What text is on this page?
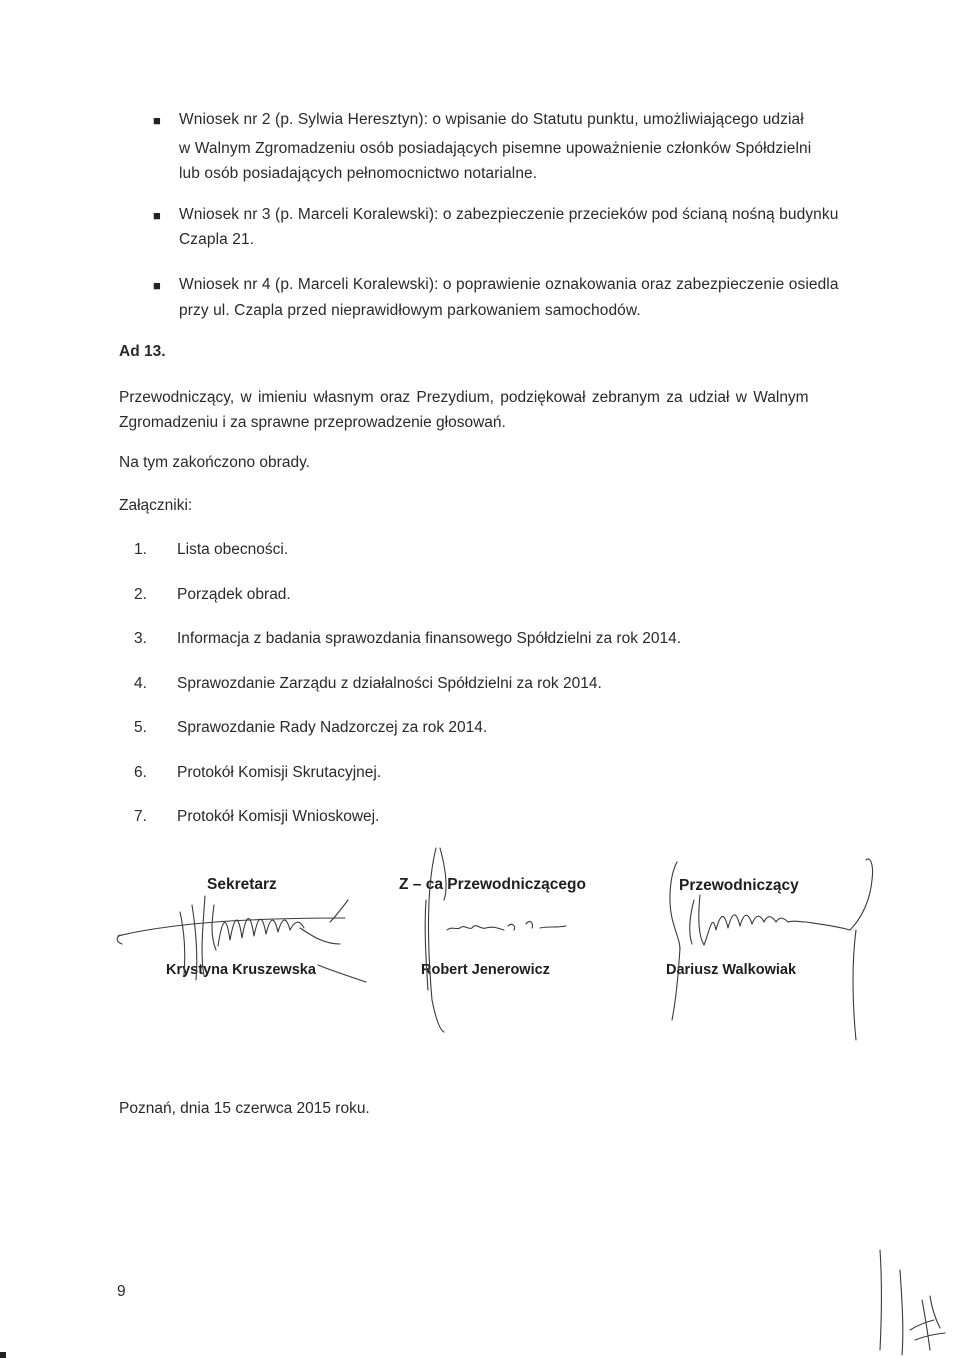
■ Wniosek nr 2 (p. Sylwia Heresztyn): o wpisanie do Statutu punktu, umożliwiającego udział
w Walnym Zgromadzeniu osób posiadających pisemne upoważnienie członków Spółdzielni
lub osób posiadających pełnomocnictwo notarialne.
■ Wniosek nr 3 (p. Marceli Koralewski): o zabezpieczenie przecieków pod ścianą nośną budynku
Czapla 21.
■ Wniosek nr 4 (p. Marceli Koralewski): o poprawienie oznakowania oraz zabezpieczenie osiedla
przy ul. Czapla przed nieprawidłowym parkowaniem samochodów.
Ad 13.
Przewodniczący, w imieniu własnym oraz Prezydium, podziękował zebranym za udział w Walnym
Zgromadzeniu i za sprawne przeprowadzenie głosowań.
Na tym zakończono obrady.
Załączniki:
1. Lista obecności.
2. Porządek obrad.
3. Informacja z badania sprawozdania finansowego Spółdzielni za rok 2014.
4. Sprawozdanie Zarządu z działalności Spółdzielni za rok 2014.
5. Sprawozdanie Rady Nadzorczej za rok 2014.
6. Protokół Komisji Skrutacyjnej.
7. Protokół Komisji Wnioskowej.
Sekretarz
Krystyna Kruszewska
Z – ca Przewodniczącego
Robert Jenerowicz
Przewodniczący
Dariusz Walkowiak
Poznań, dnia 15 czerwca 2015 roku.
9
